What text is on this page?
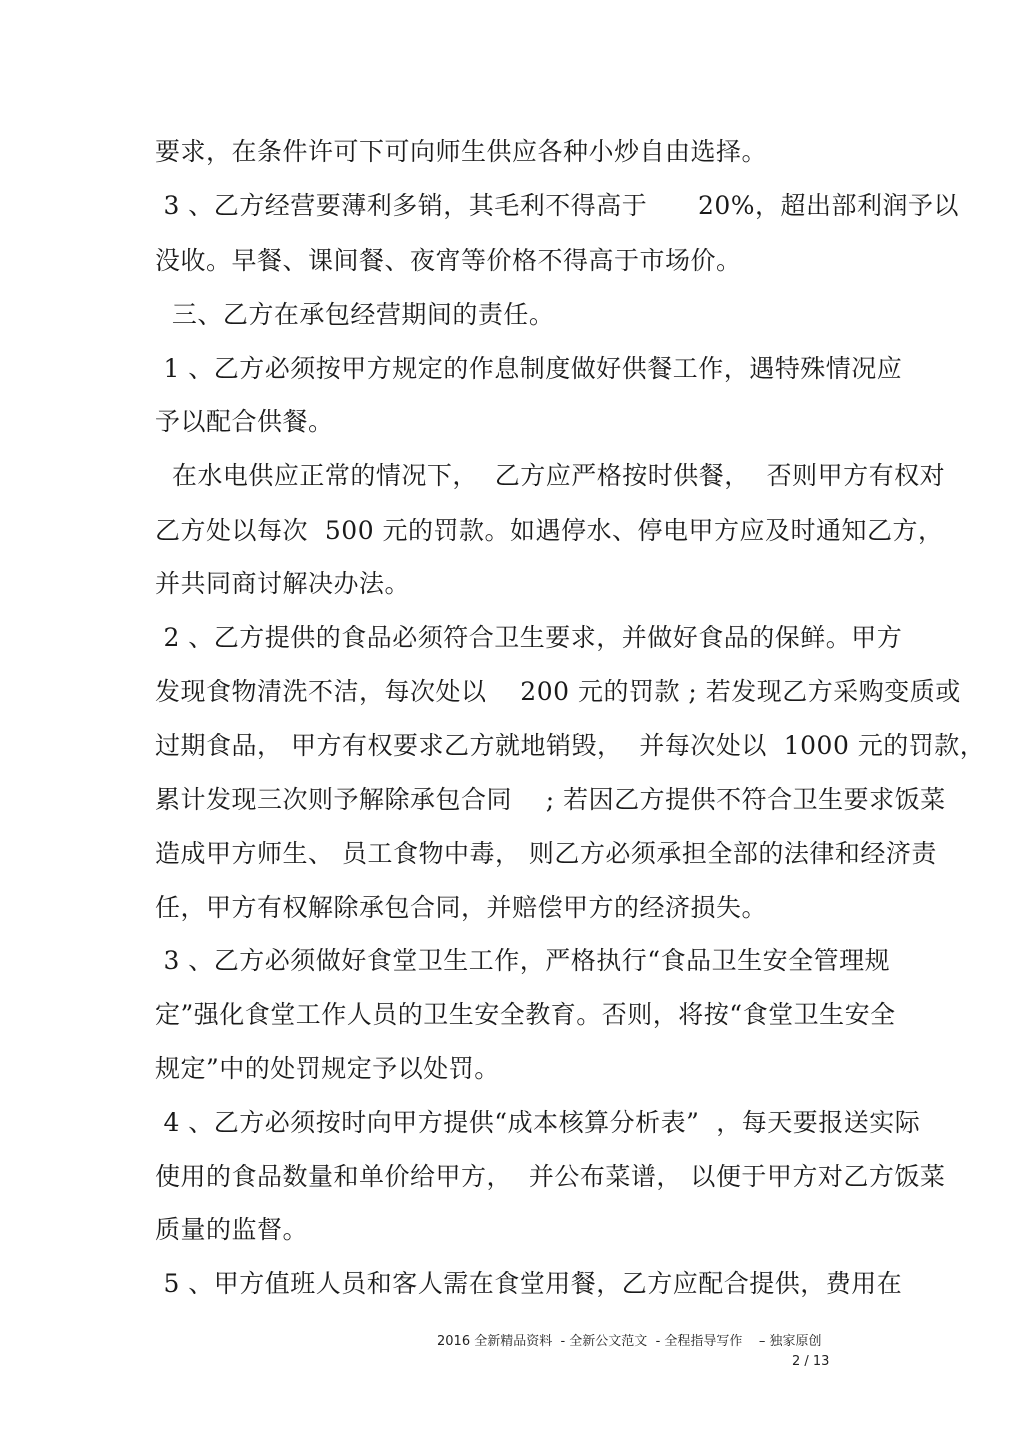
要求，在条件许可下可向师生供应各种小炒自由选择。
3 、乙方经营要薄利多销，其毛利不得高于      20%，超出部利润予以
没收。早餐、课间餐、夜宵等价格不得高于市场价。
三、乙方在承包经营期间的责任。
1 、乙方必须按甲方规定的作息制度做好供餐工作，遇特殊情况应
予以配合供餐。
在水电供应正常的情况下，  乙方应严格按时供餐，  否则甲方有权对
乙方处以每次  500 元的罚款。如遇停水、停电甲方应及时通知乙方，
并共同商讨解决办法。
2 、乙方提供的食品必须符合卫生要求，并做好食品的保鲜。甲方
发现食物清洗不洁，每次处以    200 元的罚款 ; 若发现乙方采购变质或
过期食品， 甲方有权要求乙方就地销毁，  并每次处以  1000 元的罚款，
累计发现三次则予解除承包合同    ; 若因乙方提供不符合卫生要求饭菜
造成甲方师生、 员工食物中毒， 则乙方必须承担全部的法律和经济责
任，甲方有权解除承包合同，并赔偿甲方的经济损失。
3 、乙方必须做好食堂卫生工作，严格执行“食品卫生安全管理规
定”强化食堂工作人员的卫生安全教育。否则，将按“食堂卫生安全
规定”中的处罚规定予以处罚。
4 、乙方必须按时向甲方提供“成本核算分析表”  ，每天要报送实际
使用的食品数量和单价给甲方，  并公布菜谱， 以便于甲方对乙方饭菜
质量的监督。
5 、甲方值班人员和客人需在食堂用餐，乙方应配合提供，费用在
2016 全新精品资料  - 全新公文范文  - 全程指导写作    – 独家原创
2 / 13
